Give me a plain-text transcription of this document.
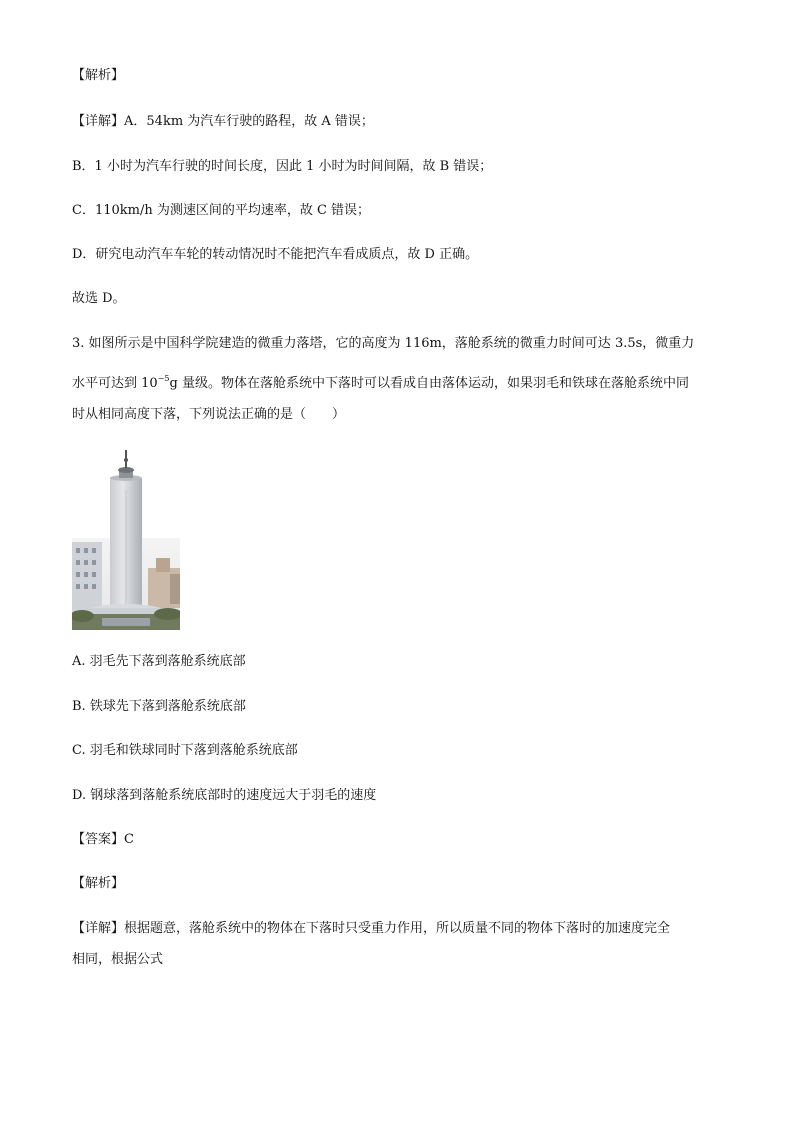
【解析】
【详解】A．54km 为汽车行驶的路程，故 A 错误；
B．1 小时为汽车行驶的时间长度，因此 1 小时为时间间隔，故 B 错误；
C．110km/h 为测速区间的平均速率，故 C 错误；
D．研究电动汽车车轮的转动情况时不能把汽车看成质点，故 D 正确。
故选 D。
3. 如图所示是中国科学院建造的微重力落塔，它的高度为 116m，落舱系统的微重力时间可达 3.5s，微重力
水平可达到 $10^{-5}g$ 量级。物体在落舱系统中下落时可以看成自由落体运动，如果羽毛和铁球在落舱系统中同
时从相同高度下落，下列说法正确的是（　　）
A. 羽毛先下落到落舱系统底部
B. 铁球先下落到落舱系统底部
C. 羽毛和铁球同时下落到落舱系统底部
D. 钢球落到落舱系统底部时的速度远大于羽毛的速度
【答案】C
【解析】
【详解】根据题意，落舱系统中的物体在下落时只受重力作用，所以质量不同的物体下落时的加速度完全
相同，根据公式
